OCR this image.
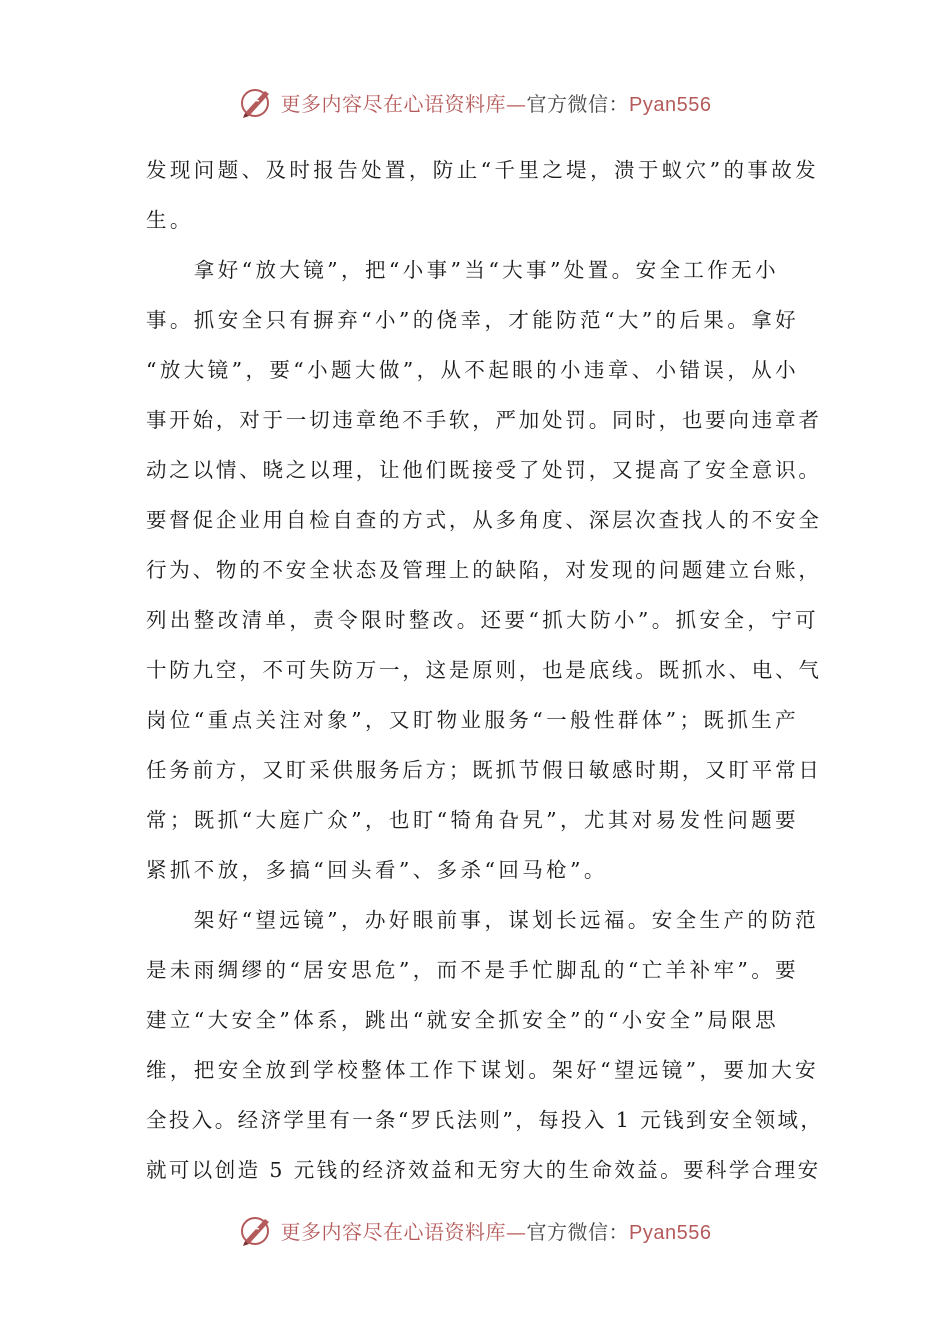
更多内容尽在心语资料库—官方微信：Pyan556
发现问题、及时报告处置，防止“千里之堤，溃于蚁穴”的事故发
生。
　　拿好“放大镜”，把“小事”当“大事”处置。安全工作无小
事。抓安全只有摒弃“小”的侥幸，才能防范“大”的后果。拿好
“放大镜”，要“小题大做”，从不起眼的小违章、小错误，从小
事开始，对于一切违章绝不手软，严加处罚。同时，也要向违章者
动之以情、晓之以理，让他们既接受了处罚，又提高了安全意识。
要督促企业用自检自查的方式，从多角度、深层次查找人的不安全
行为、物的不安全状态及管理上的缺陷，对发现的问题建立台账，
列出整改清单，责令限时整改。还要“抓大防小”。抓安全，宁可
十防九空，不可失防万一，这是原则，也是底线。既抓水、电、气
岗位“重点关注对象”，又盯物业服务“一般性群体”；既抓生产
任务前方，又盯采供服务后方；既抓节假日敏感时期，又盯平常日
常；既抓“大庭广众”，也盯“犄角旮旯”，尤其对易发性问题要
紧抓不放，多搞“回头看”、多杀“回马枪”。
　　架好“望远镜”，办好眼前事，谋划长远福。安全生产的防范
是未雨绸缪的“居安思危”，而不是手忙脚乱的“亡羊补牢”。要
建立“大安全”体系，跳出“就安全抓安全”的“小安全”局限思
维，把安全放到学校整体工作下谋划。架好“望远镜”，要加大安
全投入。经济学里有一条“罗氏法则”，每投入 1 元钱到安全领域，
就可以创造 5 元钱的经济效益和无穷大的生命效益。要科学合理安
更多内容尽在心语资料库—官方微信：Pyan556
